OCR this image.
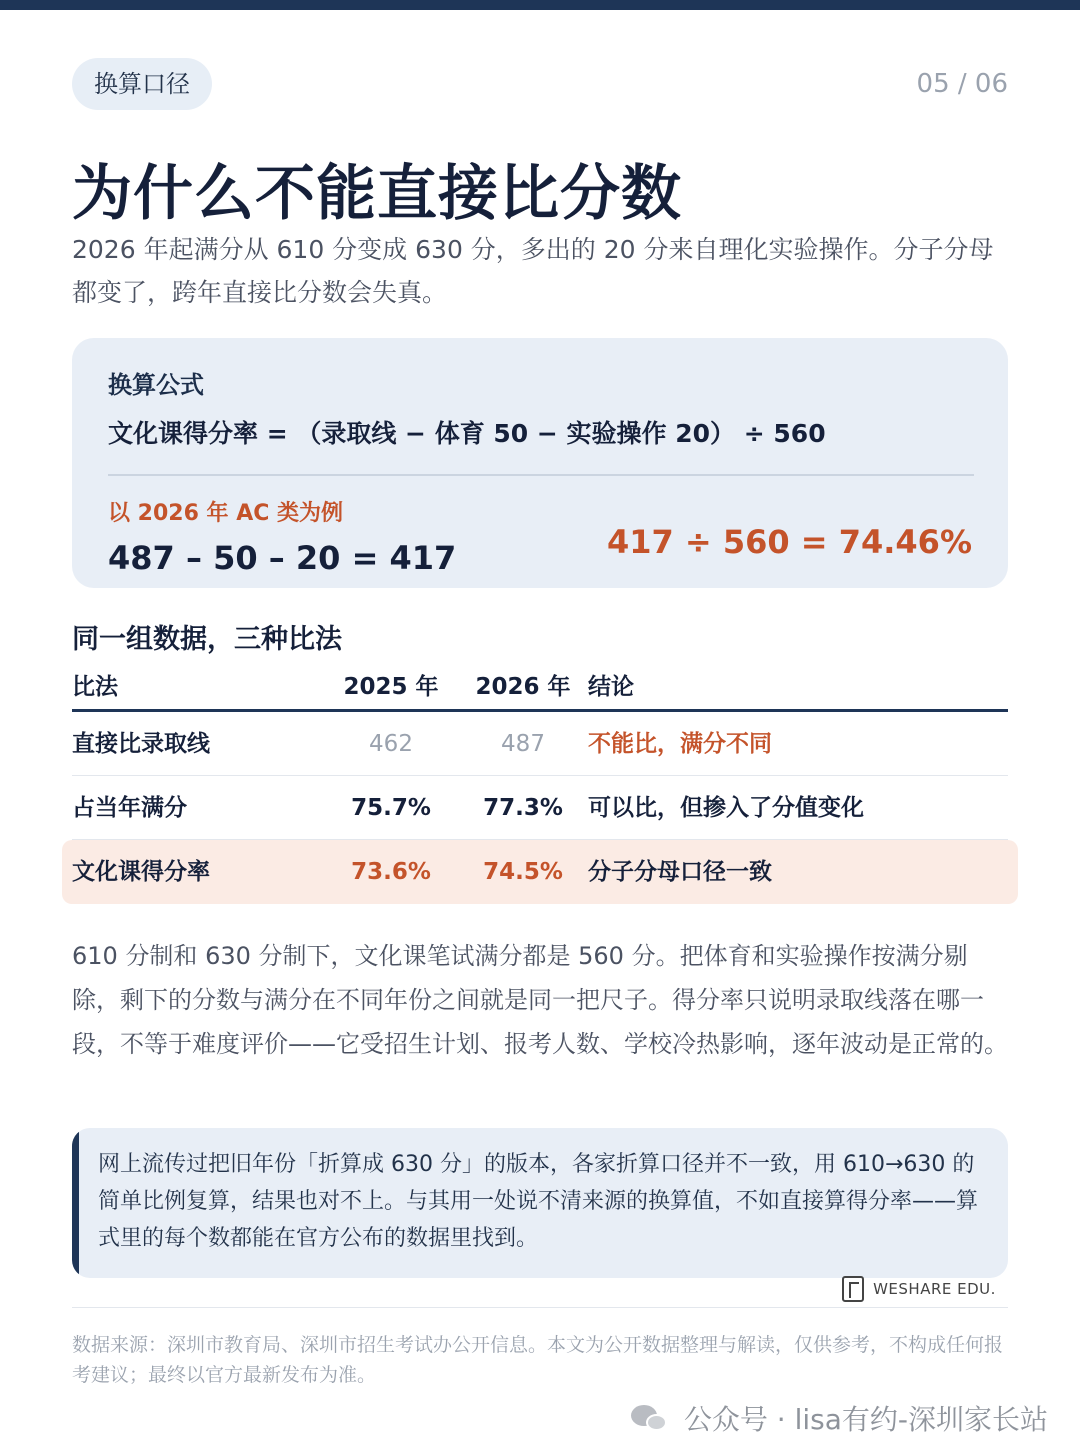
换算口径	05 / 06
为什么不能直接比分数

2026 年起满分从 610 分变成 630 分，多出的 20 分来自理化实验操作。分子分母都变了，跨年直接比分数会失真。

换算公式
文化课得分率 = （录取线 − 体育 50 − 实验操作 20） ÷ 560
以 2026 年 AC 类为例
487 – 50 – 20 = 417	417 ÷ 560 = 74.46%
同一组数据，三种比法
比法	2025 年	2026 年 结论
直接比录取线	462	487	不能比，满分不同
占当年满分	75.7%	77.3%	可以比，但掺入了分值变化
文化课得分率	73.6%	74.5%	分子分母口径一致

610 分制和 630 分制下，文化课笔试满分都是 560 分。把体育和实验操作按满分剔除，剩下的分数与满分在不同年份之间就是同一把尺子。得分率只说明录取线落在哪一段，不等于难度评价——它受招生计划、报考人数、学校冷热影响，逐年波动是正常的。

网上流传过把旧年份「折算成 630 分」的版本，各家折算口径并不一致，用 610→630 的简单比例复算，结果也对不上。与其用一处说不清来源的换算值，不如直接算得分率——算式里的每个数都能在官方公布的数据里找到。

WESHARE EDU.

数据来源：深圳市教育局、深圳市招生考试办公开信息。本文为公开数据整理与解读，仅供参考，不构成任何报考建议；最终以官方最新发布为准。

公众号 · lisa有约-深圳家长站
